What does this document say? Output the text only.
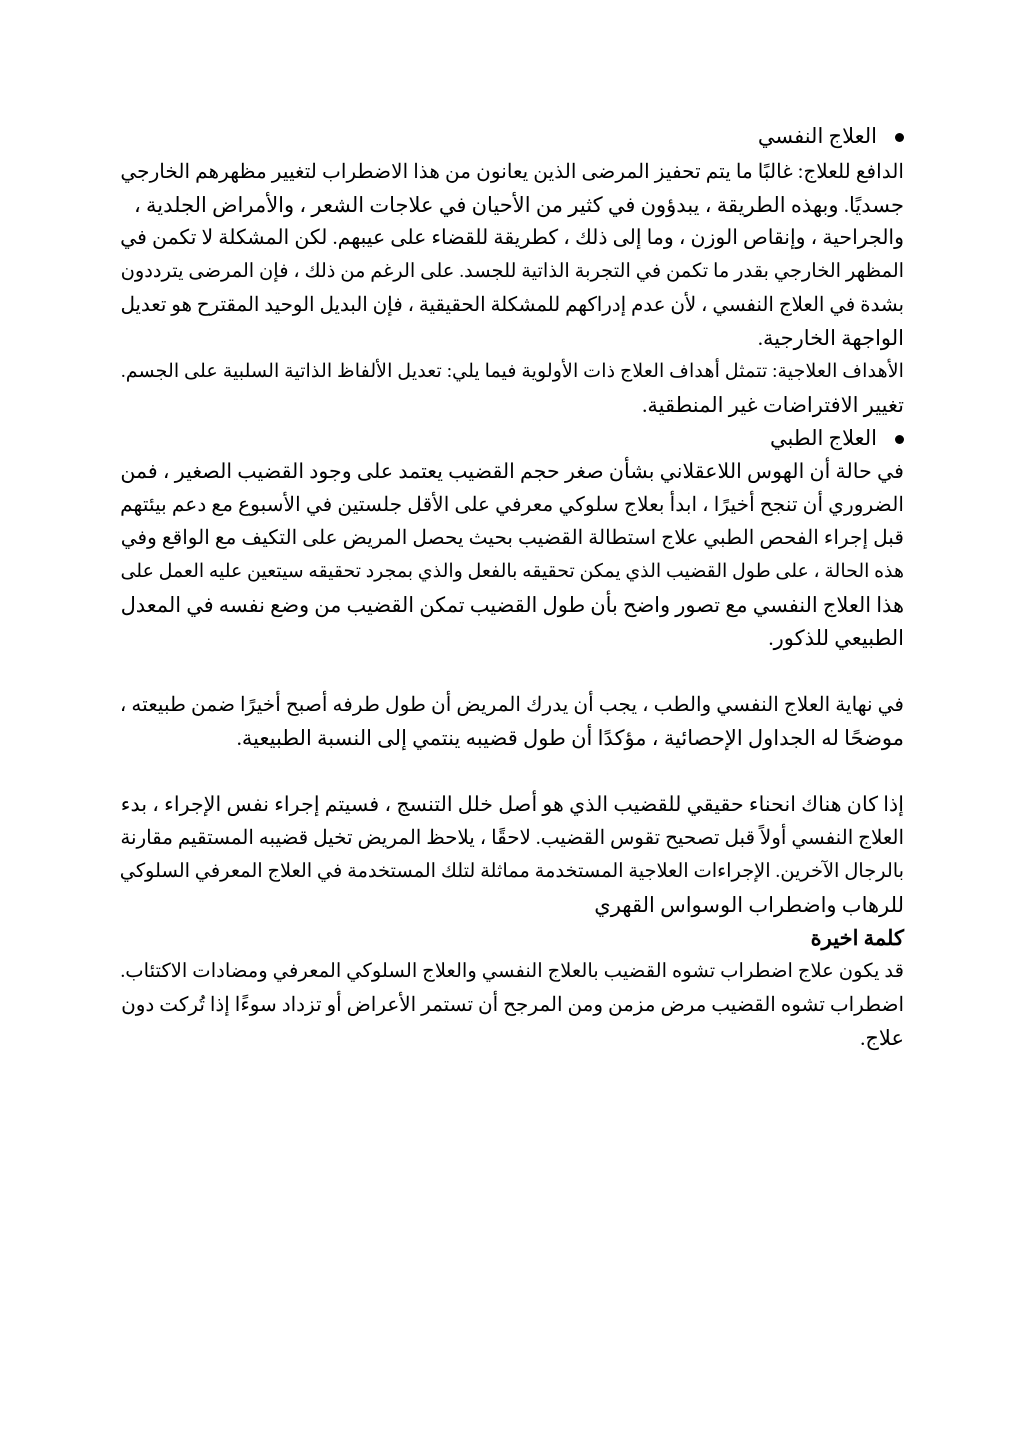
العلاج النفسي
الدافع للعلاج: غالبًا ما يتم تحفيز المرضى الذين يعانون من هذا الاضطراب لتغيير مظهرهم الخارجي
جسديًا. وبهذه الطريقة ، يبدؤون في كثير من الأحيان في علاجات الشعر ، والأمراض الجلدية ،
والجراحية ، وإنقاص الوزن ، وما إلى ذلك ، كطريقة للقضاء على عيبهم. لكن المشكلة لا تكمن في
المظهر الخارجي بقدر ما تكمن في التجربة الذاتية للجسد. على الرغم من ذلك ، فإن المرضى يترددون
بشدة في العلاج النفسي ، لأن عدم إدراكهم للمشكلة الحقيقية ، فإن البديل الوحيد المقترح هو تعديل
الواجهة الخارجية.
الأهداف العلاجية: تتمثل أهداف العلاج ذات الأولوية فيما يلي: تعديل الألفاظ الذاتية السلبية على الجسم.
تغيير الافتراضات غير المنطقية.
العلاج الطبي
في حالة أن الهوس اللاعقلاني بشأن صغر حجم القضيب يعتمد على وجود القضيب الصغير ، فمن
الضروري أن تنجح أخيرًا ، ابدأ بعلاج سلوكي معرفي على الأقل جلستين في الأسبوع مع دعم بيئتهم
قبل إجراء الفحص الطبي علاج استطالة القضيب بحيث يحصل المريض على التكيف مع الواقع وفي
هذه الحالة ، على طول القضيب الذي يمكن تحقيقه بالفعل والذي بمجرد تحقيقه سيتعين عليه العمل على
هذا العلاج النفسي مع تصور واضح بأن طول القضيب تمكن القضيب من وضع نفسه في المعدل
الطبيعي للذكور.
في نهاية العلاج النفسي والطب ، يجب أن يدرك المريض أن طول طرفه أصبح أخيرًا ضمن طبيعته ،
موضحًا له الجداول الإحصائية ، مؤكدًا أن طول قضيبه ينتمي إلى النسبة الطبيعية.
إذا كان هناك انحناء حقيقي للقضيب الذي هو أصل خلل التنسج ، فسيتم إجراء نفس الإجراء ، بدء
العلاج النفسي أولاً قبل تصحيح تقوس القضيب. لاحقًا ، يلاحظ المريض تخيل قضيبه المستقيم مقارنة
بالرجال الآخرين. الإجراءات العلاجية المستخدمة مماثلة لتلك المستخدمة في العلاج المعرفي السلوكي
للرهاب واضطراب الوسواس القهري
كلمة اخيرة
قد يكون علاج اضطراب تشوه القضيب بالعلاج النفسي والعلاج السلوكي المعرفي ومضادات الاكتئاب.
اضطراب تشوه القضيب مرض مزمن ومن المرجح أن تستمر الأعراض أو تزداد سوءًا إذا تُركت دون
علاج.
